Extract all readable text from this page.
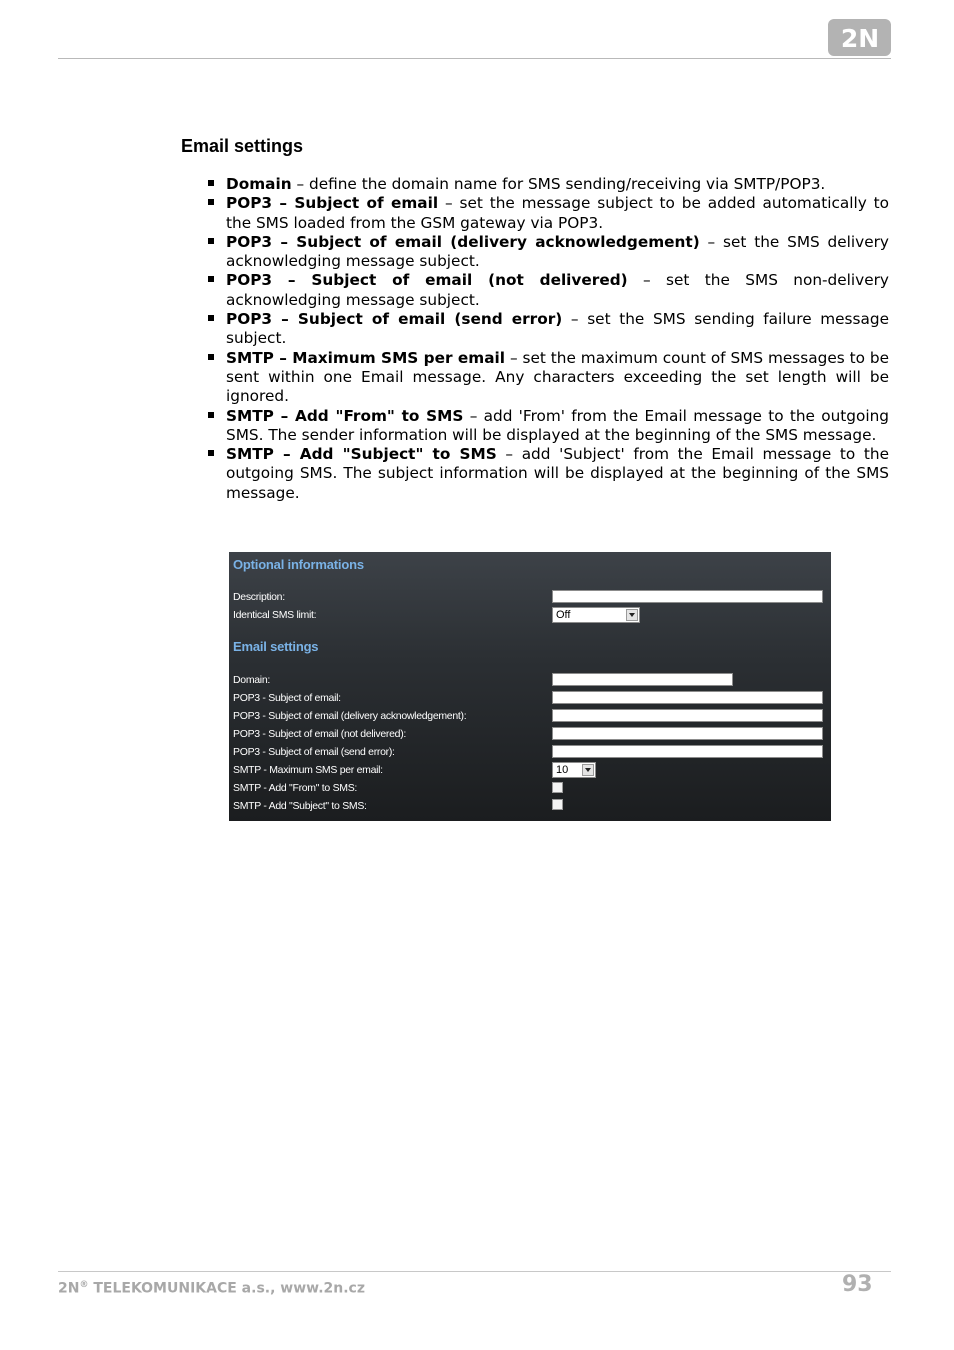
2N
Email settings
Domain – define the domain name for SMS sending/receiving via SMTP/POP3.
POP3 – Subject of email – set the message subject to be added automatically to the SMS loaded from the GSM gateway via POP3.
POP3 – Subject of email (delivery acknowledgement) – set the SMS delivery acknowledging message subject.
POP3 – Subject of email (not delivered) – set the SMS non-delivery acknowledging message subject.
POP3 – Subject of email (send error) – set the SMS sending failure message subject.
SMTP – Maximum SMS per email – set the maximum count of SMS messages to be sent within one Email message. Any characters exceeding the set length will be ignored.
SMTP – Add "From" to SMS – add 'From' from the Email message to the outgoing SMS. The sender information will be displayed at the beginning of the SMS message.
SMTP – Add "Subject" to SMS – add 'Subject' from the Email message to the outgoing SMS. The subject information will be displayed at the beginning of the SMS message.
Optional informations
Description:
Identical SMS limit:	Off
Email settings
Domain:
POP3 - Subject of email:
POP3 - Subject of email (delivery acknowledgement):
POP3 - Subject of email (not delivered):
POP3 - Subject of email (send error):
SMTP - Maximum SMS per email:	10
SMTP - Add "From" to SMS:
SMTP - Add "Subject" to SMS:
2N® TELEKOMUNIKACE a.s., www.2n.cz	93
